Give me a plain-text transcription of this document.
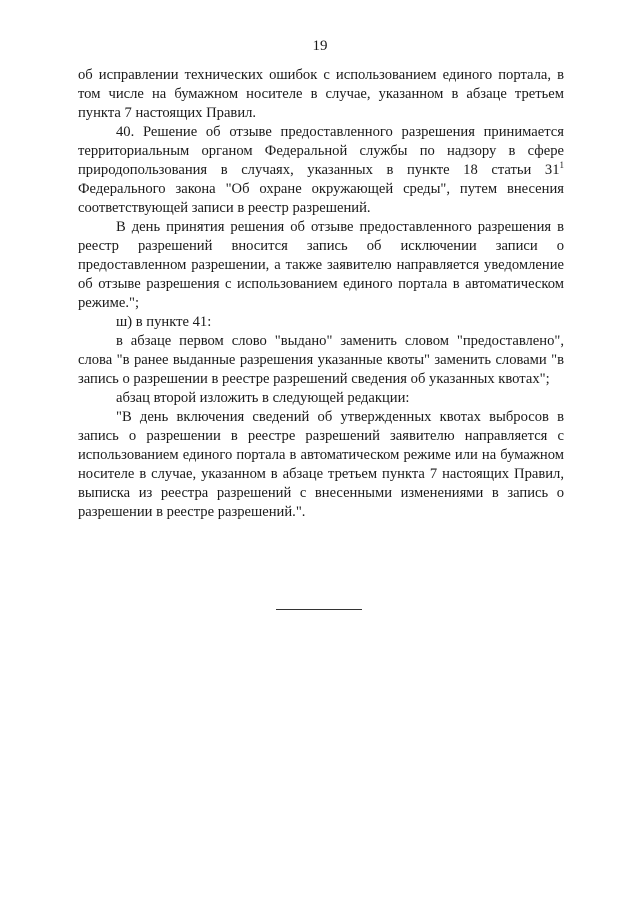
19

об исправлении технических ошибок с использованием единого портала, в том числе на бумажном носителе в случае, указанном в абзаце третьем пункта 7 настоящих Правил.

40. Решение об отзыве предоставленного разрешения принимается территориальным органом Федеральной службы по надзору в сфере природопользования в случаях, указанных в пункте 18 статьи $31^1$ Федерального закона "Об охране окружающей среды", путем внесения соответствующей записи в реестр разрешений.

В день принятия решения об отзыве предоставленного разрешения в реестр разрешений вносится запись об исключении записи о предоставленном разрешении, а также заявителю направляется уведомление об отзыве разрешения с использованием единого портала в автоматическом режиме.";

ш) в пункте 41:

в абзаце первом слово "выдано" заменить словом "предоставлено", слова "в ранее выданные разрешения указанные квоты" заменить словами "в запись о разрешении в реестре разрешений сведения об указанных квотах";

абзац второй изложить в следующей редакции:

"В день включения сведений об утвержденных квотах выбросов в запись о разрешении в реестре разрешений заявителю направляется с использованием единого портала в автоматическом режиме или на бумажном носителе в случае, указанном в абзаце третьем пункта 7 настоящих Правил, выписка из реестра разрешений с внесенными изменениями в запись о разрешении в реестре разрешений.".
